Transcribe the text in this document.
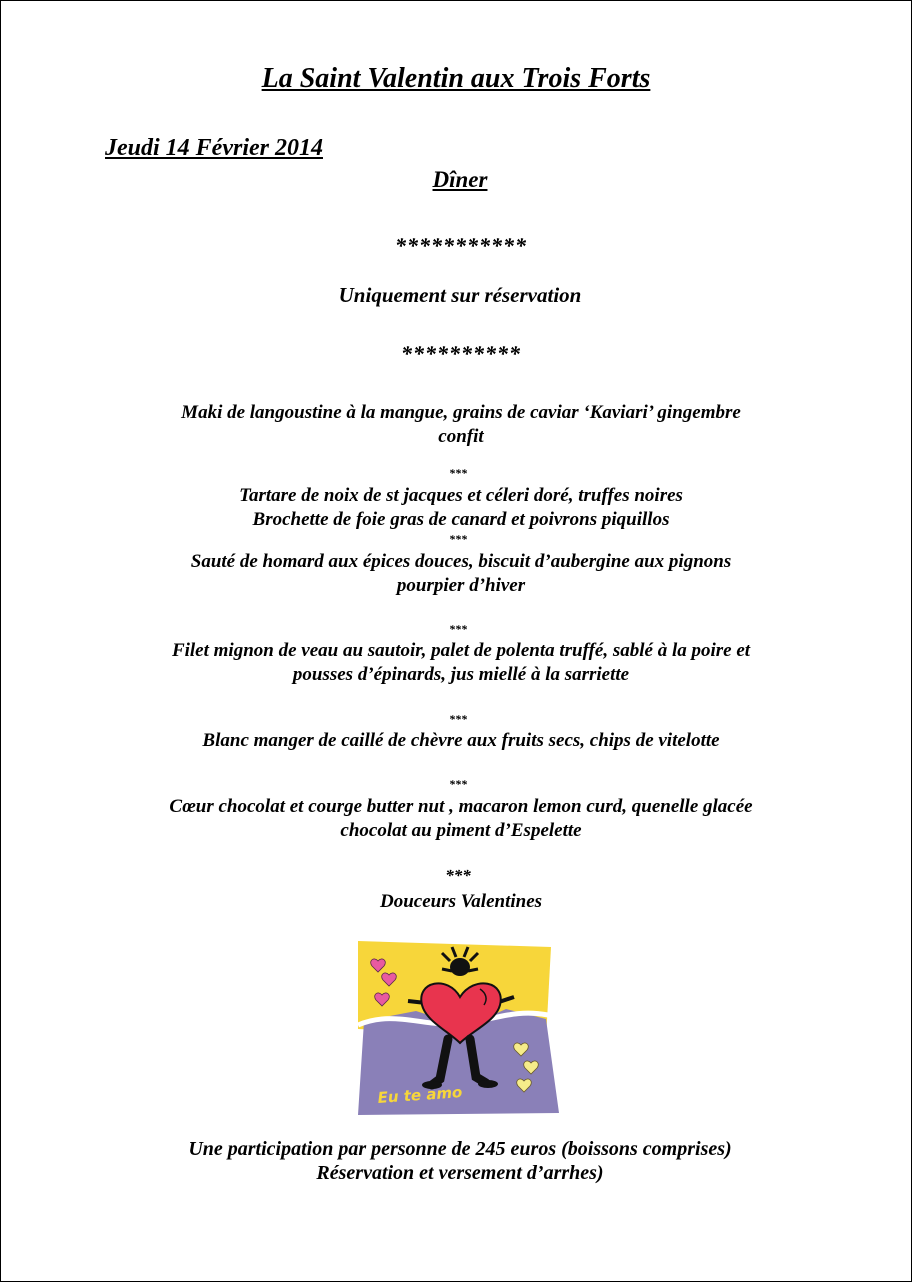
La Saint Valentin aux Trois Forts
Jeudi 14 Février 2014
Dîner
***********
Uniquement sur réservation
**********
Maki de langoustine à la mangue, grains de caviar ‘Kaviari’ gingembre
confit
***
Tartare de noix de st jacques et céleri doré, truffes noires
Brochette de foie gras de canard et poivrons piquillos
***
Sauté de homard aux épices douces, biscuit d’aubergine aux pignons
pourpier d’hiver
***
Filet mignon de veau au sautoir, palet de polenta truffé, sablé à la poire et
pousses d’épinards, jus miellé à la sarriette
***
Blanc manger de caillé de chèvre aux fruits secs, chips de vitelotte
***
Cœur chocolat et courge butter nut , macaron lemon curd, quenelle glacée
chocolat au piment d’Espelette
***
Douceurs Valentines
Eu te amo
Une participation par personne de 245 euros (boissons comprises)
Réservation et versement d’arrhes)
